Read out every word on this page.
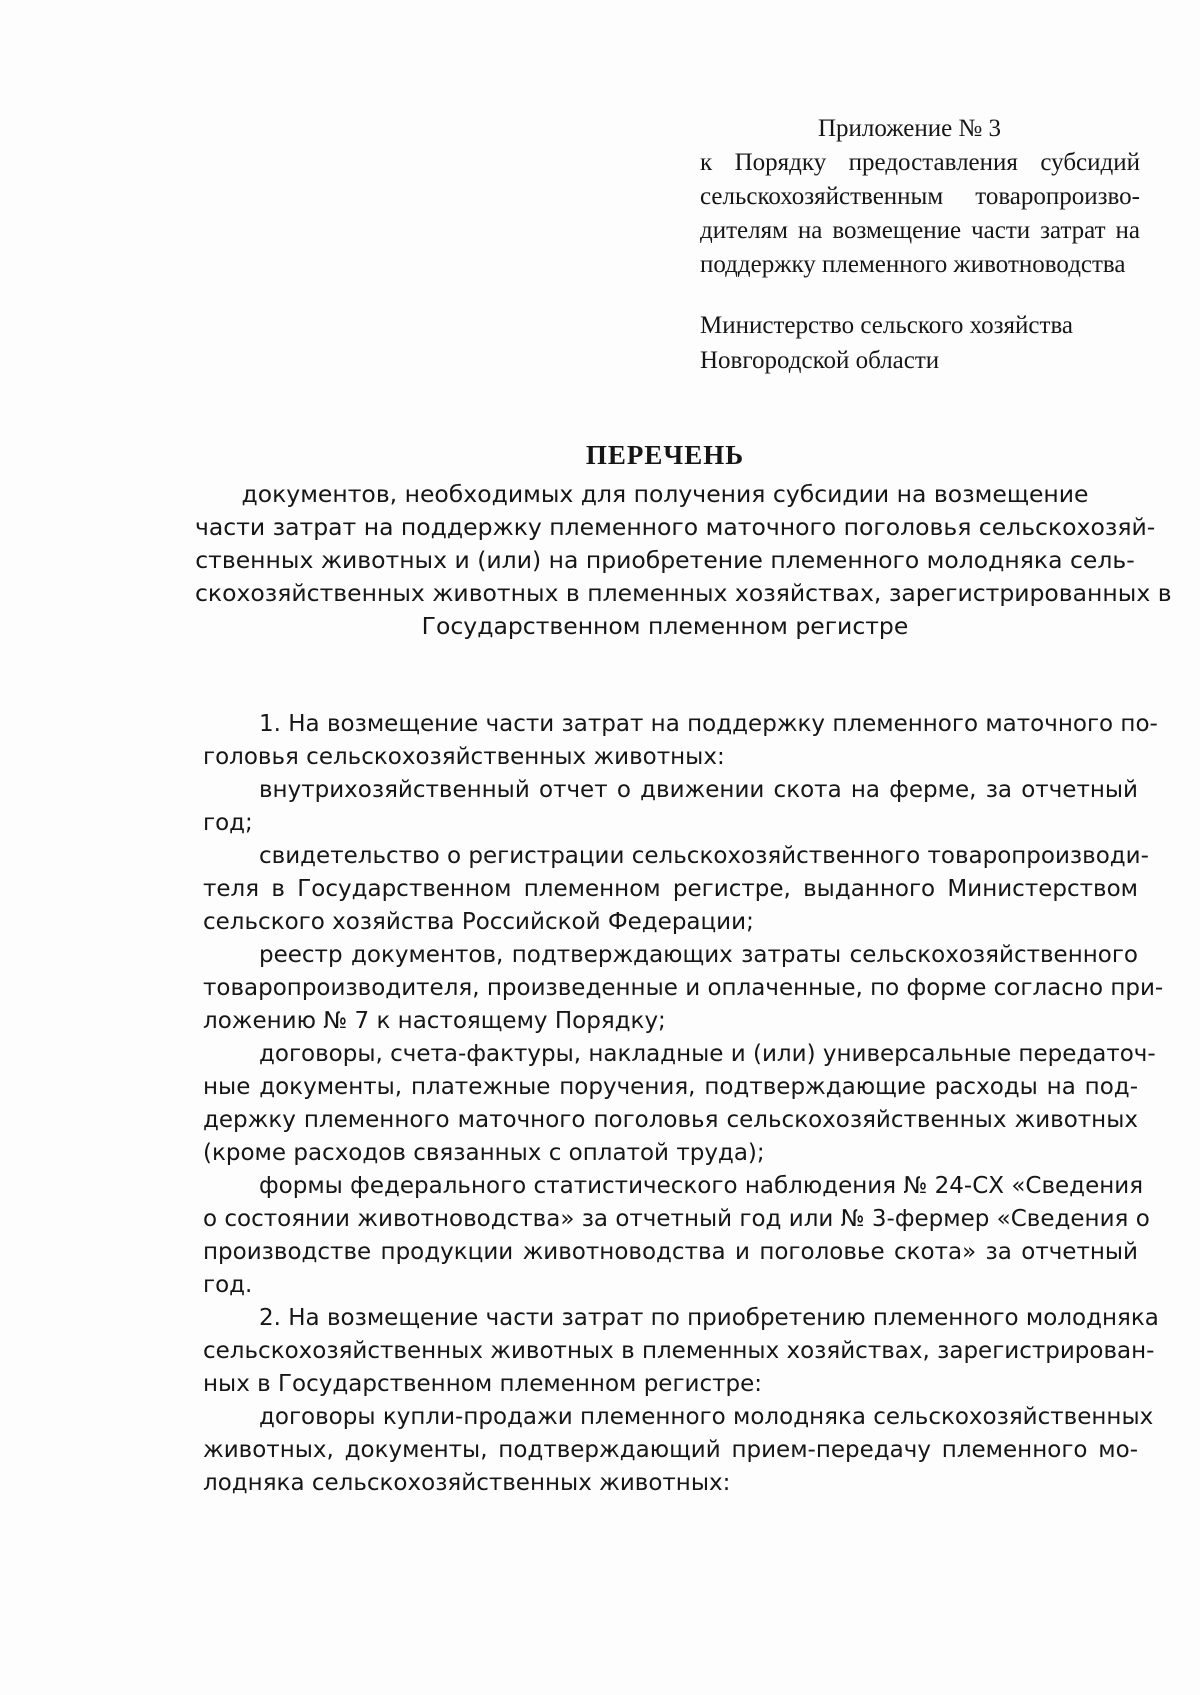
Приложение № 3

к Порядку предоставления субсидий

сельскохозяйственным товаропроизво-

дителям на возмещение части затрат на

поддержку племенного животноводства

Министерство сельского хозяйства

Новгородской области

ПЕРЕЧЕНЬ

документов, необходимых для получения субсидии на возмещение

части затрат на поддержку племенного маточного поголовья сельскохозяй-

ственных животных и (или) на приобретение племенного молодняка сель-

скохозяйственных животных в племенных хозяйствах, зарегистрированных в

Государственном племенном регистре

1. На возмещение части затрат на поддержку племенного маточного по-
головья сельскохозяйственных животных:
внутрихозяйственный отчет о движении скота на ферме, за отчетный
год;
свидетельство о регистрации сельскохозяйственного товаропроизводи-
теля в Государственном племенном регистре, выданного Министерством
сельского хозяйства Российской Федерации;
реестр документов, подтверждающих затраты сельскохозяйственного
товаропроизводителя, произведенные и оплаченные, по форме согласно при-
ложению № 7 к настоящему Порядку;
договоры, счета-фактуры, накладные и (или) универсальные передаточ-
ные документы, платежные поручения, подтверждающие расходы на под-
держку племенного маточного поголовья сельскохозяйственных животных
(кроме расходов связанных с оплатой труда);
формы федерального статистического наблюдения № 24-СХ «Сведения
о состоянии животноводства» за отчетный год или № 3-фермер «Сведения о
производстве продукции животноводства и поголовье скота» за отчетный
год.
2. На возмещение части затрат по приобретению племенного молодняка
сельскохозяйственных животных в племенных хозяйствах, зарегистрирован-
ных в Государственном племенном регистре:
договоры купли-продажи племенного молодняка сельскохозяйственных
животных, документы, подтверждающий прием-передачу племенного мо-
лодняка сельскохозяйственных животных:
